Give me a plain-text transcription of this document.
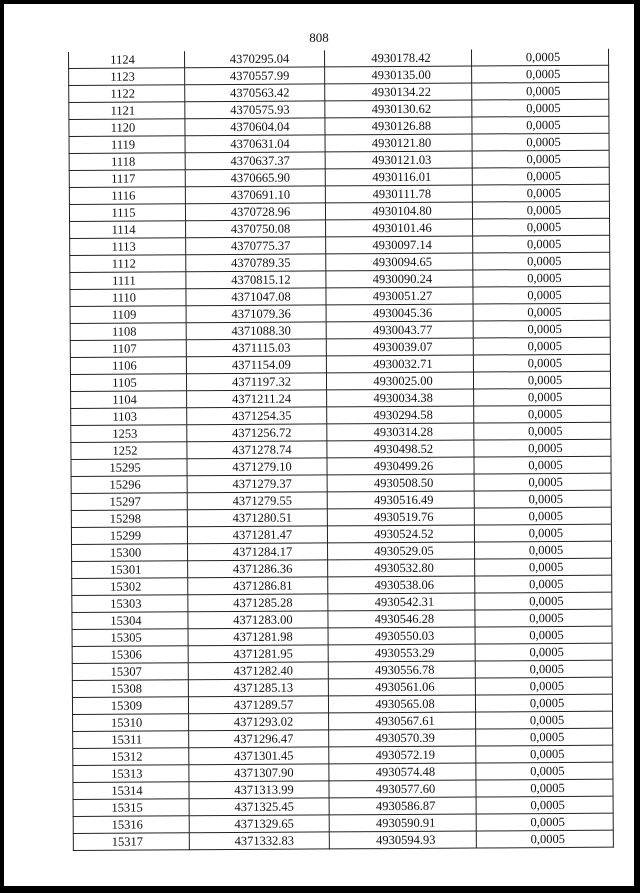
808
1124	4370295.04	4930178.42	0,0005
1123	4370557.99	4930135.00	0,0005
1122	4370563.42	4930134.22	0,0005
1121	4370575.93	4930130.62	0,0005
1120	4370604.04	4930126.88	0,0005
1119	4370631.04	4930121.80	0,0005
1118	4370637.37	4930121.03	0,0005
1117	4370665.90	4930116.01	0,0005
1116	4370691.10	4930111.78	0,0005
1115	4370728.96	4930104.80	0,0005
1114	4370750.08	4930101.46	0,0005
1113	4370775.37	4930097.14	0,0005
1112	4370789.35	4930094.65	0,0005
1111	4370815.12	4930090.24	0,0005
1110	4371047.08	4930051.27	0,0005
1109	4371079.36	4930045.36	0,0005
1108	4371088.30	4930043.77	0,0005
1107	4371115.03	4930039.07	0,0005
1106	4371154.09	4930032.71	0,0005
1105	4371197.32	4930025.00	0,0005
1104	4371211.24	4930034.38	0,0005
1103	4371254.35	4930294.58	0,0005
1253	4371256.72	4930314.28	0,0005
1252	4371278.74	4930498.52	0,0005
15295	4371279.10	4930499.26	0,0005
15296	4371279.37	4930508.50	0,0005
15297	4371279.55	4930516.49	0,0005
15298	4371280.51	4930519.76	0,0005
15299	4371281.47	4930524.52	0,0005
15300	4371284.17	4930529.05	0,0005
15301	4371286.36	4930532.80	0,0005
15302	4371286.81	4930538.06	0,0005
15303	4371285.28	4930542.31	0,0005
15304	4371283.00	4930546.28	0,0005
15305	4371281.98	4930550.03	0,0005
15306	4371281.95	4930553.29	0,0005
15307	4371282.40	4930556.78	0,0005
15308	4371285.13	4930561.06	0,0005
15309	4371289.57	4930565.08	0,0005
15310	4371293.02	4930567.61	0,0005
15311	4371296.47	4930570.39	0,0005
15312	4371301.45	4930572.19	0,0005
15313	4371307.90	4930574.48	0,0005
15314	4371313.99	4930577.60	0,0005
15315	4371325.45	4930586.87	0,0005
15316	4371329.65	4930590.91	0,0005
15317	4371332.83	4930594.93	0,0005
